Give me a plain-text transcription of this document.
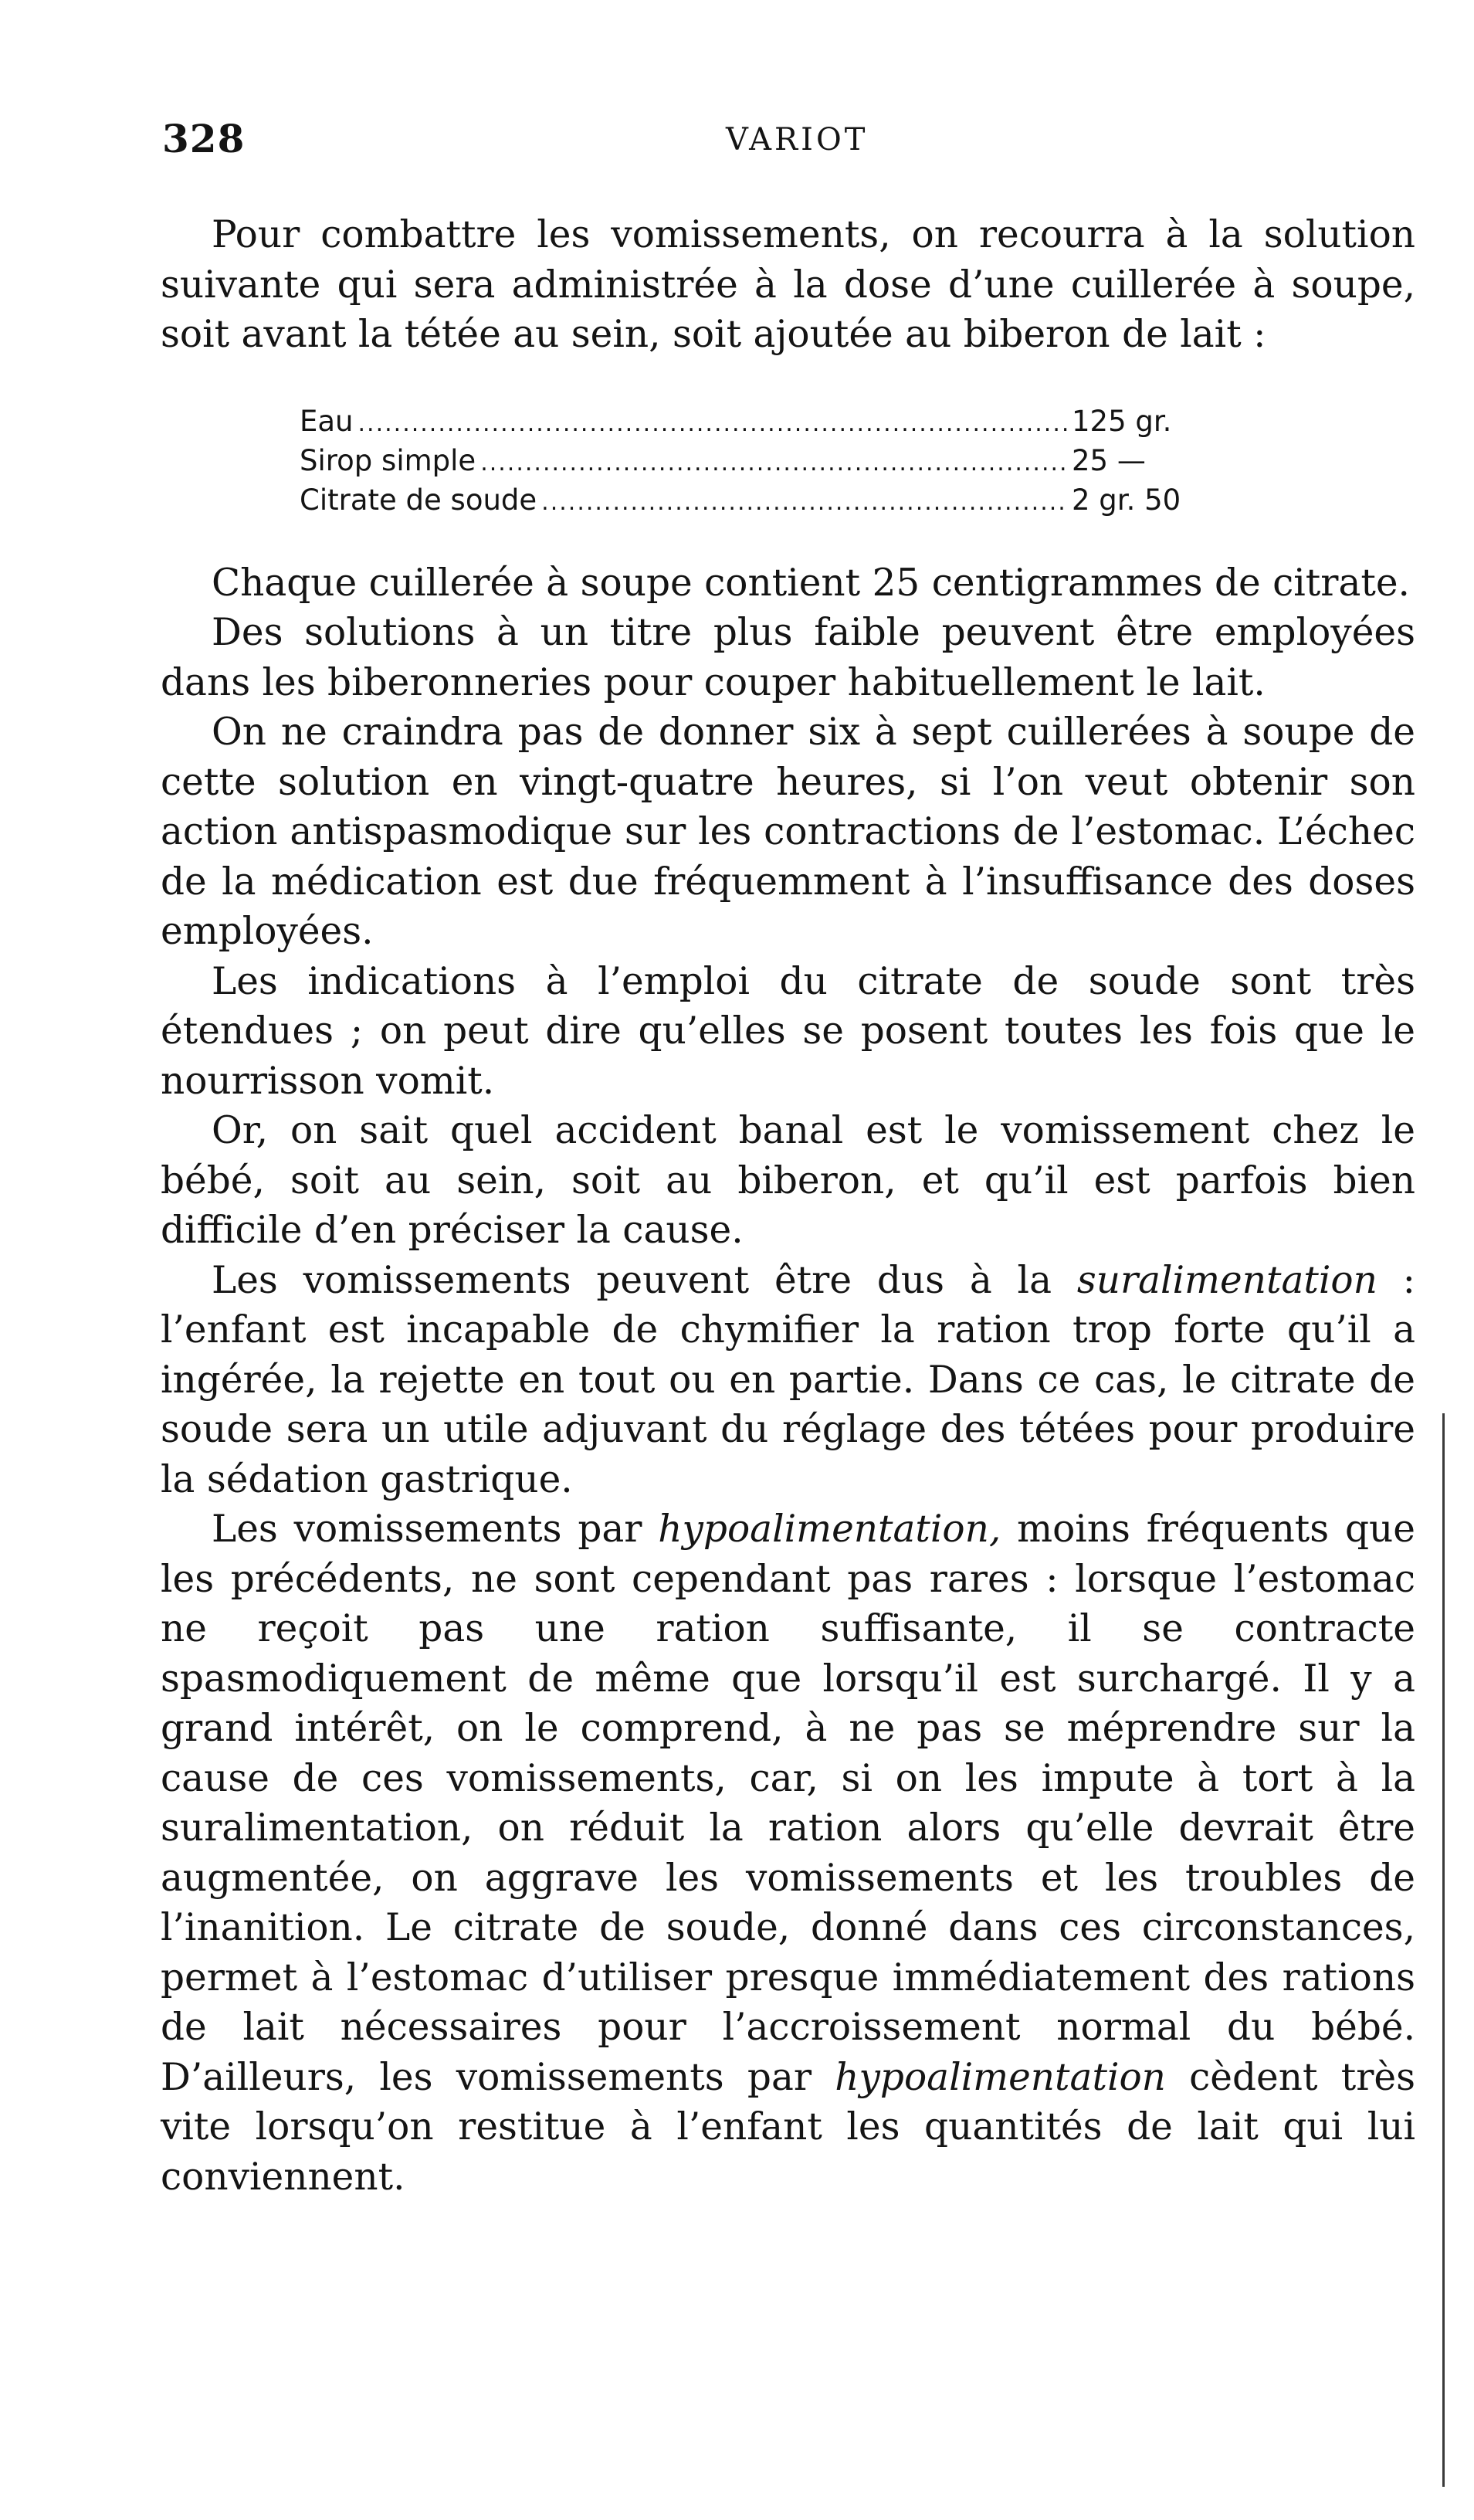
328	VARIOT

Pour combattre les vomissements, on recourra à la solution suivante qui sera administrée à la dose d’une cuillerée à soupe, soit avant la tétée au sein, soit ajoutée au biberon de lait :

Eau .....	125 gr.
Sirop simple .....	25 —
Citrate de soude .....	2 gr. 50

Chaque cuillerée à soupe contient 25 centigrammes de citrate.

Des solutions à un titre plus faible peuvent être employées dans les biberonneries pour couper habituellement le lait.

On ne craindra pas de donner six à sept cuillerées à soupe de cette solution en vingt-quatre heures, si l’on veut obtenir son action antispasmodique sur les contractions de l’estomac. L’échec de la médication est due fréquemment à l’insuffisance des doses employées.

Les indications à l’emploi du citrate de soude sont très étendues ; on peut dire qu’elles se posent toutes les fois que le nourrisson vomit.

Or, on sait quel accident banal est le vomissement chez le bébé, soit au sein, soit au biberon, et qu’il est parfois bien difficile d’en préciser la cause.

Les vomissements peuvent être dus à la suralimentation : l’enfant est incapable de chymifier la ration trop forte qu’il a ingérée, la rejette en tout ou en partie. Dans ce cas, le citrate de soude sera un utile adjuvant du réglage des tétées pour produire la sédation gastrique.

Les vomissements par hypoalimentation, moins fréquents que les précédents, ne sont cependant pas rares : lorsque l’estomac ne reçoit pas une ration suffisante, il se contracte spasmodiquement de même que lorsqu’il est surchargé. Il y a grand intérêt, on le comprend, à ne pas se méprendre sur la cause de ces vomissements, car, si on les impute à tort à la suralimentation, on réduit la ration alors qu’elle devrait être augmentée, on aggrave les vomissements et les troubles de l’inanition. Le citrate de soude, donné dans ces circonstances, permet à l’estomac d’utiliser presque immédiatement des rations de lait nécessaires pour l’accroissement normal du bébé. D’ailleurs, les vomissements par hypoalimentation cèdent très vite lorsqu’on restitue à l’enfant les quantités de lait qui lui conviennent.
